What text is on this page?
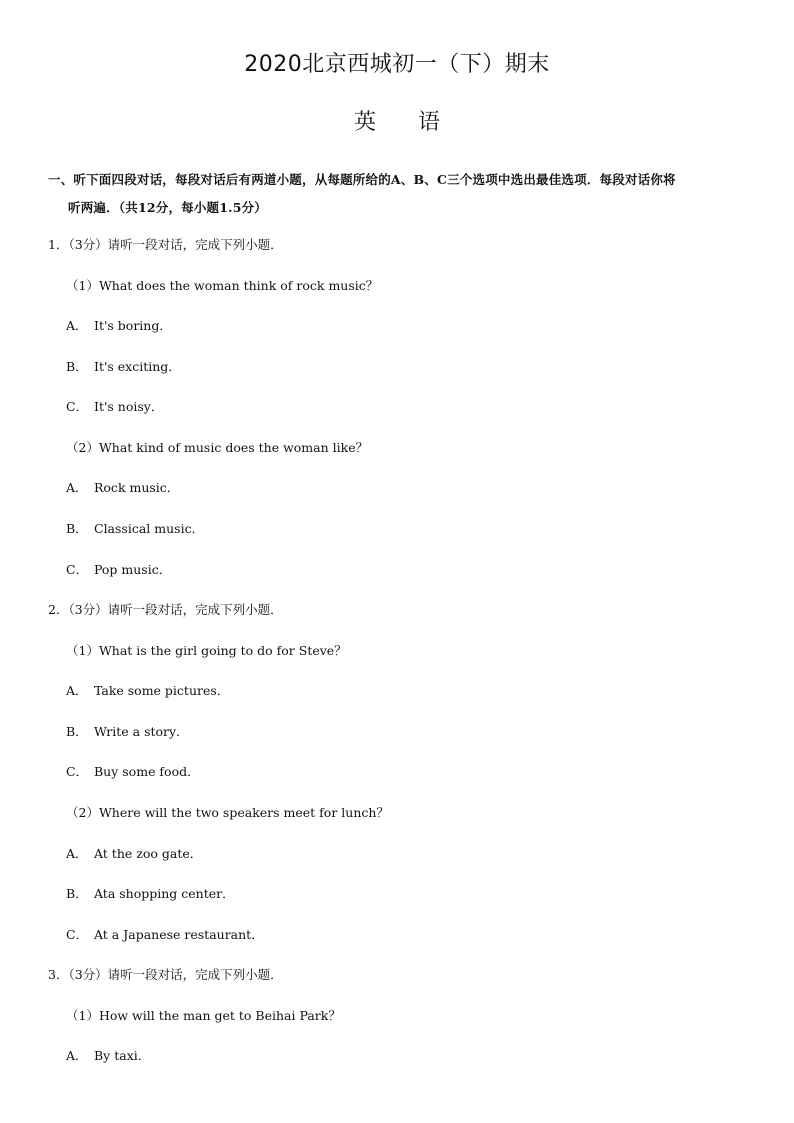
2020北京西城初一（下）期末
英 语
一、听下面四段对话，每段对话后有两道小题，从每题所给的A、B、C三个选项中选出最佳选项．每段对话你将
听两遍．（共12分，每小题1.5分）
1．（3分）请听一段对话，完成下列小题．
（1）What does the woman think of rock music？
A． It's boring．
B． It's exciting．
C． It's noisy．
（2）What kind of music does the woman like？
A． Rock music．
B． Classical music．
C． Pop music．
2．（3分）请听一段对话，完成下列小题．
（1）What is the girl going to do for Steve？
A． Take some pictures．
B． Write a story．
C． Buy some food．
（2）Where will the two speakers meet for lunch？
A． At the zoo gate．
B． Ata shopping center．
C． At a Japanese restaurant．
3．（3分）请听一段对话，完成下列小题．
（1）How will the man get to Beihai Park？
A． By taxi．
